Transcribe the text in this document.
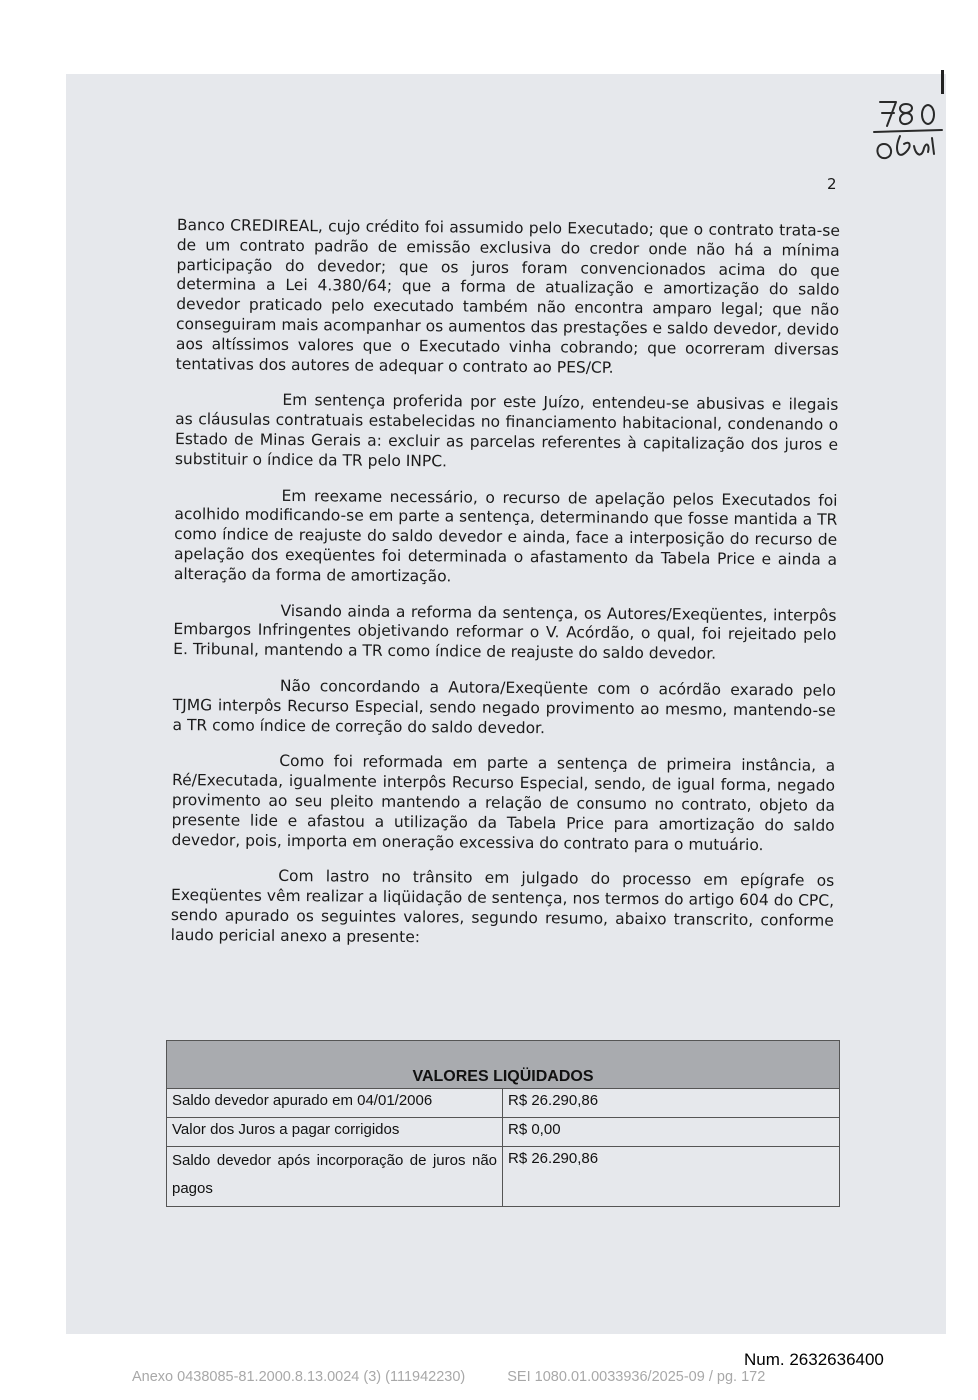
2

Banco CREDIREAL, cujo crédito foi assumido pelo Executado; que o contrato trata-se de um contrato padrão de emissão exclusiva do credor onde não há a mínima participação do devedor; que os juros foram convencionados acima do que determina a Lei 4.380/64; que a forma de atualização e amortização do saldo devedor praticado pelo executado também não encontra amparo legal; que não conseguiram mais acompanhar os aumentos das prestações e saldo devedor, devido aos altíssimos valores que o Executado vinha cobrando; que ocorreram diversas tentativas dos autores de adequar o contrato ao PES/CP.

Em sentença proferida por este Juízo, entendeu-se abusivas e ilegais as cláusulas contratuais estabelecidas no financiamento habitacional, condenando o Estado de Minas Gerais a: excluir as parcelas referentes à capitalização dos juros e substituir o índice da TR pelo INPC.

Em reexame necessário, o recurso de apelação pelos Executados foi acolhido modificando-se em parte a sentença, determinando que fosse mantida a TR como índice de reajuste do saldo devedor e ainda, face a interposição do recurso de apelação dos exeqüentes foi determinada o afastamento da Tabela Price e ainda a alteração da forma de amortização.

Visando ainda a reforma da sentença, os Autores/Exeqüentes, interpôs Embargos Infringentes objetivando reformar o V. Acórdão, o qual, foi rejeitado pelo E. Tribunal, mantendo a TR como índice de reajuste do saldo devedor.

Não concordando a Autora/Exeqüente com o acórdão exarado pelo TJMG interpôs Recurso Especial, sendo negado provimento ao mesmo, mantendo-se a TR como índice de correção do saldo devedor.

Como foi reformada em parte a sentença de primeira instância, a Ré/Executada, igualmente interpôs Recurso Especial, sendo, de igual forma, negado provimento ao seu pleito mantendo a relação de consumo no contrato, objeto da presente lide e afastou a utilização da Tabela Price para amortização do saldo devedor, pois, importa em oneração excessiva do contrato para o mutuário.

Com lastro no trânsito em julgado do processo em epígrafe os Exeqüentes vêm realizar a liqüidação de sentença, nos termos do artigo 604 do CPC, sendo apurado os seguintes valores, segundo resumo, abaixo transcrito, conforme laudo pericial anexo a presente:

VALORES LIQÜIDADOS	
Saldo devedor apurado em 04/01/2006	R$ 26.290,86
Valor dos Juros a pagar corrigidos	R$ 0,00
Saldo devedor após incorporação de juros não pagos	R$ 26.290,86
Num. 2632636400
Anexo 0438085-81.2000.8.13.0024 (3) (111942230)	SEI 1080.01.0033936/2025-09 / pg. 172
